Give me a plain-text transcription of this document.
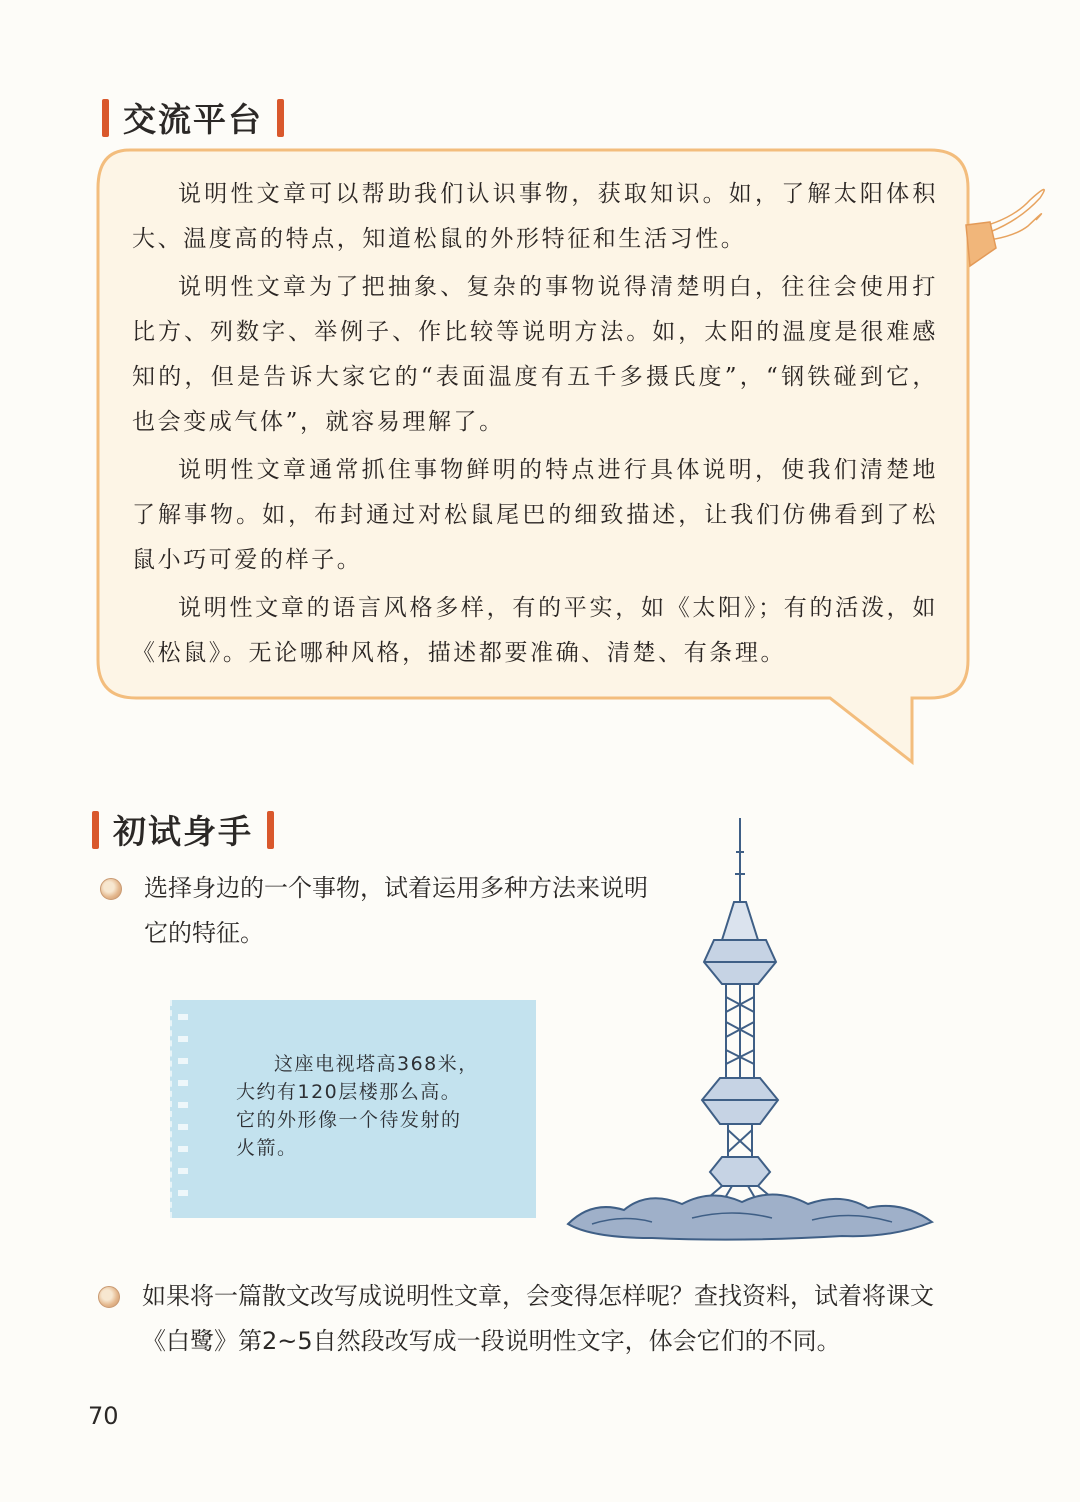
交流平台

说明性文章可以帮助我们认识事物，获取知识。如，了解太阳体积大、温度高的特点，知道松鼠的外形特征和生活习性。

说明性文章为了把抽象、复杂的事物说得清楚明白，往往会使用打比方、列数字、举例子、作比较等说明方法。如，太阳的温度是很难感知的，但是告诉大家它的“表面温度有五千多摄氏度”，“钢铁碰到它，也会变成气体”，就容易理解了。

说明性文章通常抓住事物鲜明的特点进行具体说明，使我们清楚地了解事物。如，布封通过对松鼠尾巴的细致描述，让我们仿佛看到了松鼠小巧可爱的样子。

说明性文章的语言风格多样，有的平实，如《太阳》；有的活泼，如《松鼠》。无论哪种风格，描述都要准确、清楚、有条理。

初试身手
选择身边的一个事物，试着运用多种方法来说明它的特征。
这座电视塔高368米，
大约有120层楼那么高。
它的外形像一个待发射的
火箭。
如果将一篇散文改写成说明性文章，会变得怎样呢？查找资料，试着将课文《白鹭》第2~5自然段改写成一段说明性文字，体会它们的不同。
70
